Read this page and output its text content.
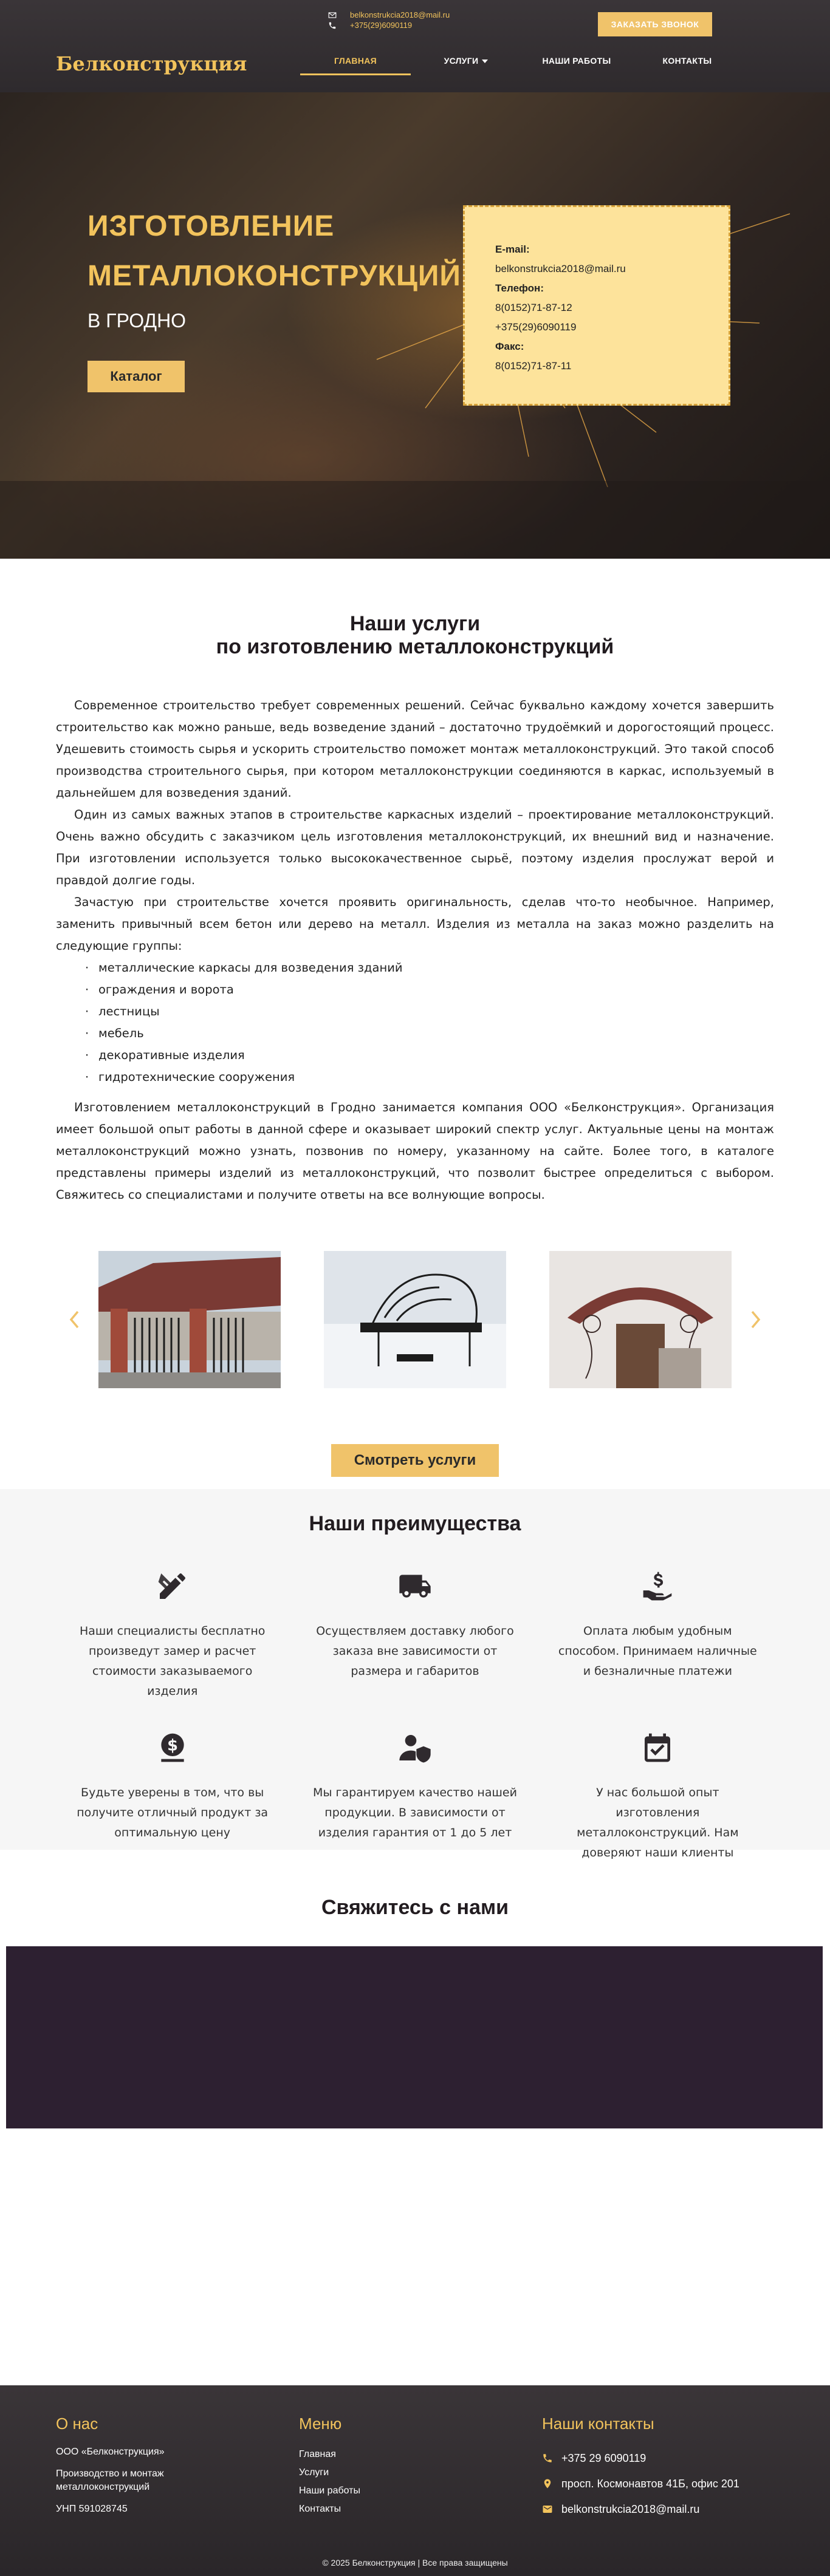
belkonstrukcia2018@mail.ru
+375(29)6090119	ЗАКАЗАТЬ ЗВОНОК
Белконструкция	ГЛАВНАЯ	УСЛУГИ	НАШИ РАБОТЫ	КОНТАКТЫ
ИЗГОТОВЛЕНИЕ
МЕТАЛЛОКОНСТРУКЦИЙ
В ГРОДНО
Каталог
E-mail:
belkonstrukcia2018@mail.ru
Телефон:
8(0152)71-87-12
+375(29)6090119
Факс:
8(0152)71-87-11
Наши услуги
по изготовлению металлоконструкций

Современное строительство требует современных решений. Сейчас буквально каждому хочется завершить строительство как можно раньше, ведь возведение зданий – достаточно трудоёмкий и дорогостоящий процесс. Удешевить стоимость сырья и ускорить строительство поможет монтаж металлоконструкций. Это такой способ производства строительного сырья, при котором металлоконструкции соединяются в каркас, используемый в дальнейшем для возведения зданий.

Один из самых важных этапов в строительстве каркасных изделий – проектирование металлоконструкций. Очень важно обсудить с заказчиком цель изготовления металлоконструкций, их внешний вид и назначение. При изготовлении используется только высококачественное сырьё, поэтому изделия прослужат верой и правдой долгие годы.

Зачастую при строительстве хочется проявить оригинальность, сделав что-то необычное. Например, заменить привычный всем бетон или дерево на металл. Изделия из металла на заказ можно разделить на следующие группы:

· металлические каркасы для возведения зданий
· ограждения и ворота
· лестницы
· мебель
· декоративные изделия
· гидротехнические сооружения

Изготовлением металлоконструкций в Гродно занимается компания ООО «Белконструкция». Организация имеет большой опыт работы в данной сфере и оказывает широкий спектр услуг. Актуальные цены на монтаж металлоконструкций можно узнать, позвонив по номеру, указанному на сайте. Более того, в каталоге представлены примеры изделий из металлоконструкций, что позволит быстрее определиться с выбором. Свяжитесь со специалистами и получите ответы на все волнующие вопросы.

Смотреть услуги
Наши преимущества
Наши специалисты бесплатно произведут замер и расчет стоимости заказываемого изделия
Осуществляем доставку любого заказа вне зависимости от размера и габаритов
Оплата любым удобным способом. Принимаем наличные и безналичные платежи
$
Будьте уверены в том, что вы получите отличный продукт за оптимальную цену
Мы гарантируем качество нашей продукции. В зависимости от изделия гарантия от 1 до 5 лет
У нас большой опыт изготовления металлоконструкций. Нам доверяют наши клиенты
Свяжитесь с нами
О нас
ООО «Белконструкция»
Производство и монтаж металлоконструкций
УНП 591028745
Меню
Главная
Услуги
Наши работы
Контакты
Наши контакты
+375 29 6090119
просп. Космонавтов 41Б, офис 201
belkonstrukcia2018@mail.ru
© 2025 Белконструкция | Все права защищены
